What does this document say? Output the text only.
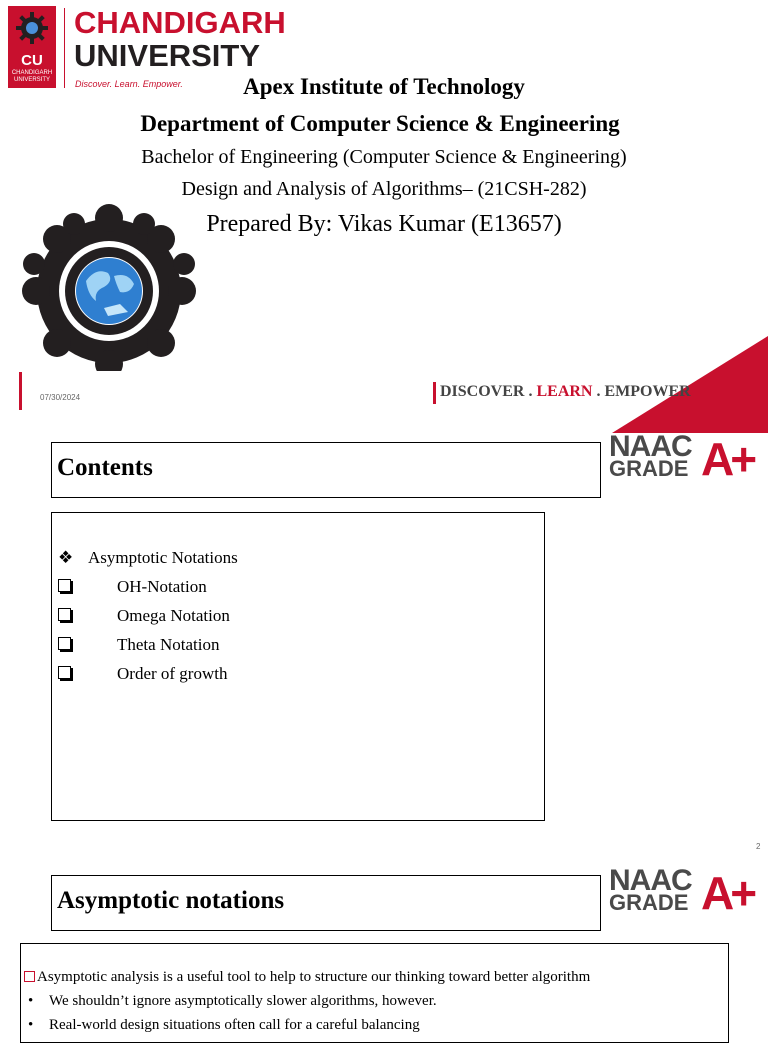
CU
CHANDIGARH
UNIVERSITY
CHANDIGARH
UNIVERSITY
Discover. Learn. Empower.	Apex Institute of Technology
Department of Computer Science & Engineering
Bachelor of Engineering (Computer Science & Engineering)
Design and Analysis of Algorithms– (21CSH-282)
Prepared By: Vikas Kumar (E13657)
07/30/2024	DISCOVER . LEARN . EMPOWER
Contents
NAAC
GRADE A+
❖ Asymptotic Notations
OH-Notation
Omega Notation
Theta Notation
Order of growth
2
Asymptotic notations
NAAC
GRADE A+
Asymptotic analysis is a useful tool to help to structure our thinking toward better algorithm
• We shouldn’t ignore asymptotically slower algorithms, however.
• Real-world design situations often call for a careful balancing
